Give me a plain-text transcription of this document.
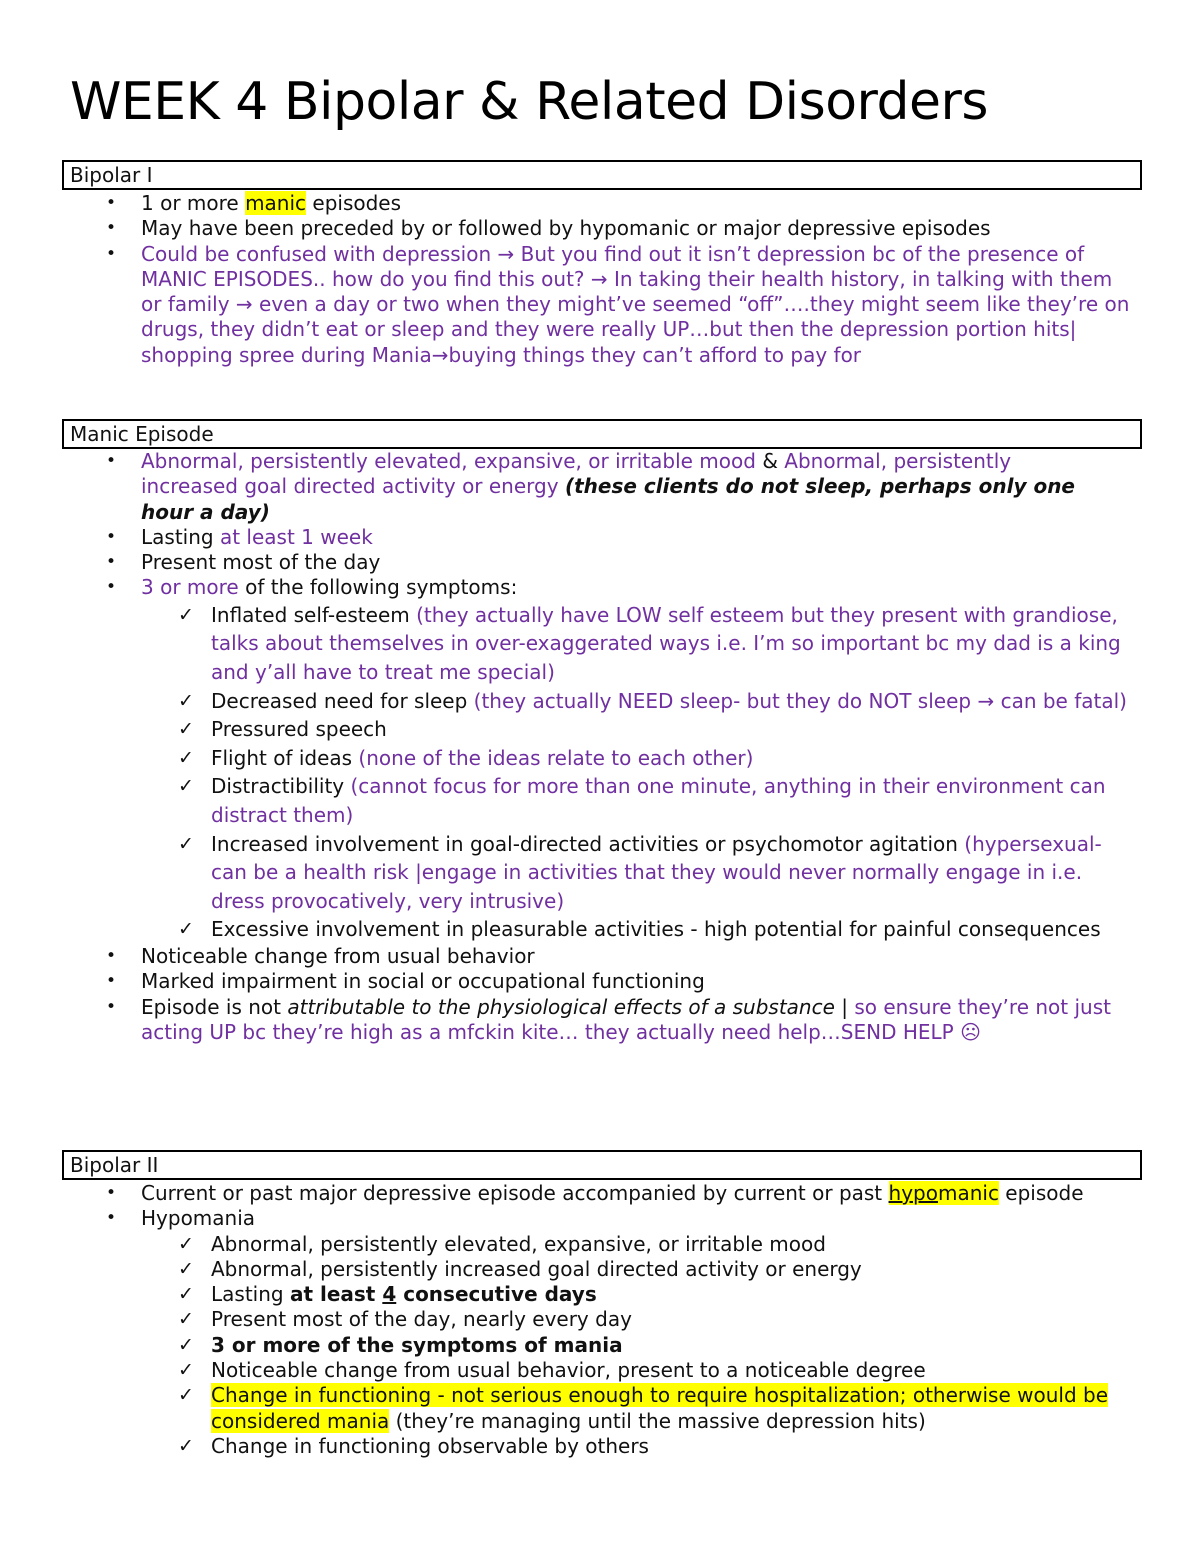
WEEK 4 Bipolar & Related Disorders
Bipolar I
• 1 or more manic episodes
• May have been preceded by or followed by hypomanic or major depressive episodes
• Could be confused with depression → But you find out it isn’t depression bc of the presence of MANIC EPISODES.. how do you find this out? → In taking their health history, in talking with them or family → even a day or two when they might’ve seemed “off”….they might seem like they’re on drugs, they didn’t eat or sleep and they were really UP…but then the depression portion hits| shopping spree during Mania→buying things they can’t afford to pay for
Manic Episode
• Abnormal, persistently elevated, expansive, or irritable mood & Abnormal, persistently increased goal directed activity or energy (these clients do not sleep, perhaps only one hour a day)
• Lasting at least 1 week
• Present most of the day
• 3 or more of the following symptoms:
✓ Inflated self-esteem (they actually have LOW self esteem but they present with grandiose, talks about themselves in over-exaggerated ways i.e. I’m so important bc my dad is a king and y’all have to treat me special)
✓ Decreased need for sleep (they actually NEED sleep- but they do NOT sleep → can be fatal)
✓ Pressured speech
✓ Flight of ideas (none of the ideas relate to each other)
✓ Distractibility (cannot focus for more than one minute, anything in their environment can distract them)
✓ Increased involvement in goal-directed activities or psychomotor agitation (hypersexual- can be a health risk |engage in activities that they would never normally engage in i.e. dress provocatively, very intrusive)
✓ Excessive involvement in pleasurable activities - high potential for painful consequences
• Noticeable change from usual behavior
• Marked impairment in social or occupational functioning
• Episode is not attributable to the physiological effects of a substance | so ensure they’re not just acting UP bc they’re high as a mfckin kite… they actually need help…SEND HELP ☹
Bipolar II
• Current or past major depressive episode accompanied by current or past hypomanic episode
• Hypomania
✓ Abnormal, persistently elevated, expansive, or irritable mood
✓ Abnormal, persistently increased goal directed activity or energy
✓ Lasting at least 4 consecutive days
✓ Present most of the day, nearly every day
✓ 3 or more of the symptoms of mania
✓ Noticeable change from usual behavior, present to a noticeable degree
✓ Change in functioning - not serious enough to require hospitalization; otherwise would be considered mania (they’re managing until the massive depression hits)
✓ Change in functioning observable by others
